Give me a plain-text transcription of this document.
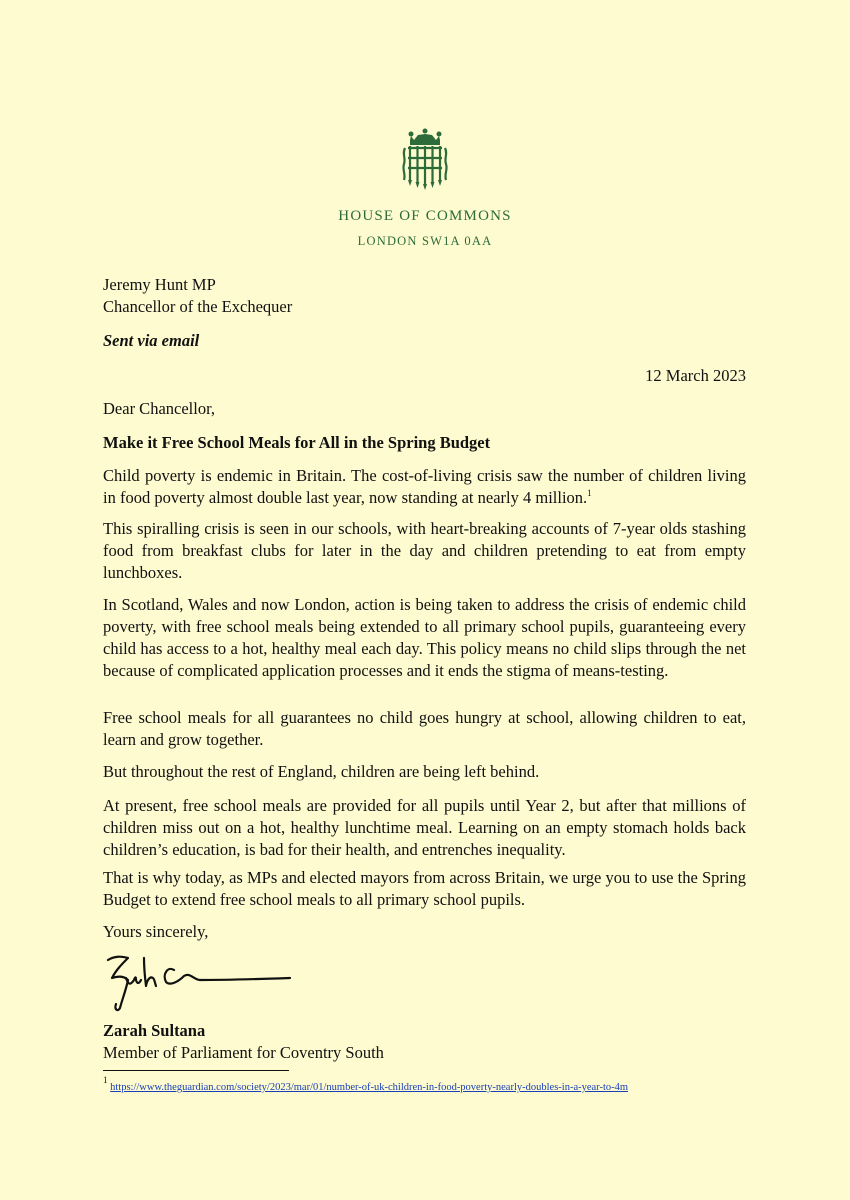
HOUSE OF COMMONS
LONDON SW1A 0AA
Jeremy Hunt MP
Chancellor of the Exchequer
Sent via email
12 March 2023
Dear Chancellor,
Make it Free School Meals for All in the Spring Budget
Child poverty is endemic in Britain. The cost-of-living crisis saw the number of children living in food poverty almost double last year, now standing at nearly 4 million.$^1$
This spiralling crisis is seen in our schools, with heart-breaking accounts of 7-year olds stashing food from breakfast clubs for later in the day and children pretending to eat from empty lunchboxes.
In Scotland, Wales and now London, action is being taken to address the crisis of endemic child poverty, with free school meals being extended to all primary school pupils, guaranteeing every child has access to a hot, healthy meal each day. This policy means no child slips through the net because of complicated application processes and it ends the stigma of means-testing.
Free school meals for all guarantees no child goes hungry at school, allowing children to eat, learn and grow together.
But throughout the rest of England, children are being left behind.
At present, free school meals are provided for all pupils until Year 2, but after that millions of children miss out on a hot, healthy lunchtime meal. Learning on an empty stomach holds back children’s education, is bad for their health, and entrenches inequality.
That is why today, as MPs and elected mayors from across Britain, we urge you to use the Spring Budget to extend free school meals to all primary school pupils.
Yours sincerely,
Zarah Sultana
Member of Parliament for Coventry South
$^1$ https://www.theguardian.com/society/2023/mar/01/number-of-uk-children-in-food-poverty-nearly-doubles-in-a-year-to-4m
